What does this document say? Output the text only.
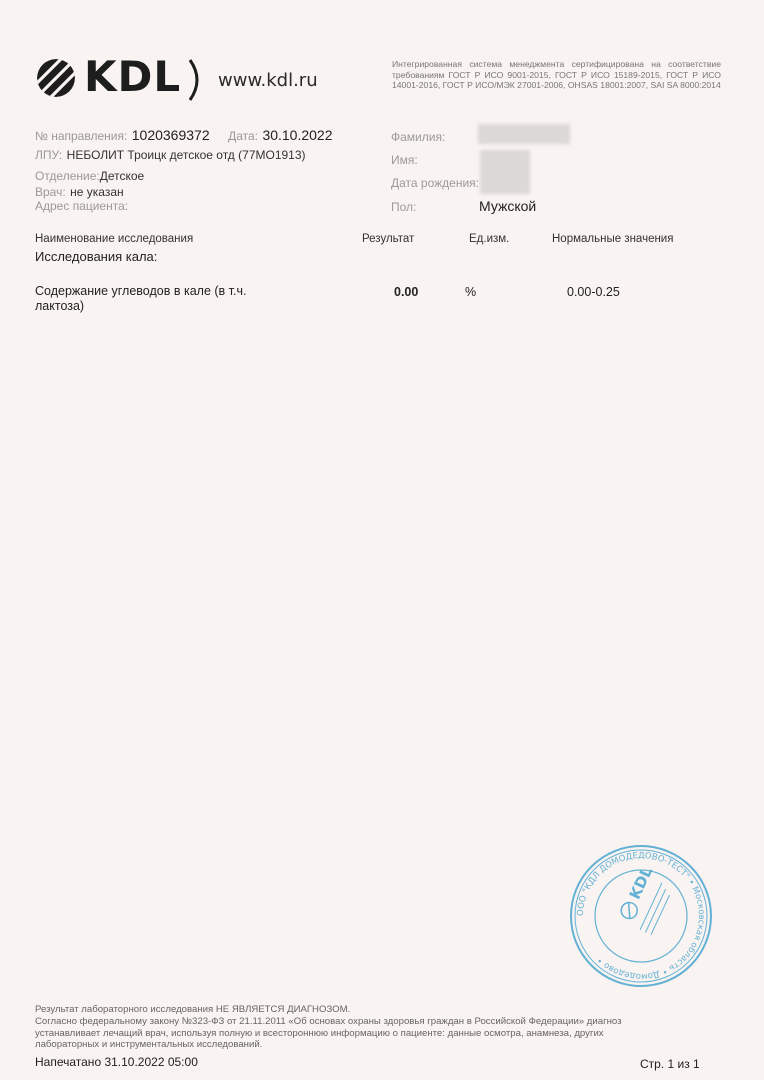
KDL www.kdl.ru
Интегрированная система менеджмента сертифицирована на соответствие требованиям ГОСТ Р ИСО 9001-2015, ГОСТ Р ИСО 15189-2015, ГОСТ Р ИСО 14001-2016, ГОСТ Р ИСО/МЭК 27001-2006, OHSAS 18001:2007, SAI SA 8000:2014
№ направления: 1020369372 Дата: 30.10.2022
ЛПУ: НЕБОЛИТ Троицк детское отд (77МО1913)
Отделение:Детское
Врач: не указан
Адрес пациента:
Фамилия:
Имя:
Дата рождения:
Пол:	Мужской
Наименование исследования	Результат	Ед.изм.	Нормальные значения
Исследования кала:
Содержание углеводов в кале (в т.ч.
лактоза)
0.00	%	0.00-0.25
ООО "КДЛ ДОМОДЕДОВО-ТЕСТ" • Московская область • Домодедово •
KDL
Результат лабораторного исследования НЕ ЯВЛЯЕТСЯ ДИАГНОЗОМ.
Согласно федеральному закону №323-ФЗ от 21.11.2011 «Об основах охраны здоровья граждан в Российской Федерации» диагноз
устанавливает лечащий врач, используя полную и всестороннюю информацию о пациенте: данные осмотра, анамнеза, других
лабораторных и инструментальных исследований.
Напечатано 31.10.2022 05:00	Стр. 1 из 1
